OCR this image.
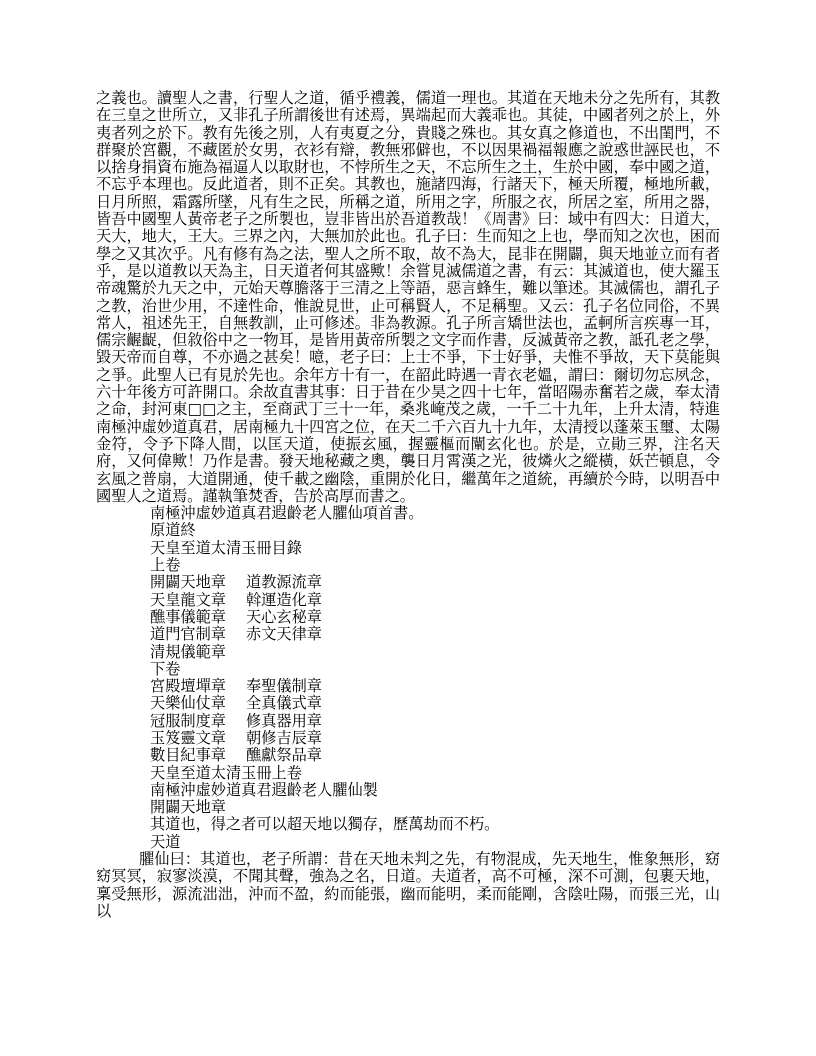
之義也。讀聖人之書，行聖人之道，循乎禮義，儒道一理也。其道在天地未分之先所有，其教在三皇之世所立，又非孔子所謂後世有述焉，異端起而大義乖也。其徒，中國者列之於上，外夷者列之於下。教有先後之別，人有夷夏之分，貴賤之殊也。其女真之修道也，不出閨門，不群聚於宮觀，不藏匿於女男，衣衫有辯，教無邪僻也，不以因果禍福報應之說惑世誣民也，不以捨身捐資布施為福逼人以取財也，不悖所生之天，不忘所生之土，生於中國，奉中國之道，不忘乎本理也。反此道者，則不正矣。其教也，施諸四海，行諸天下，極天所覆，極地所載，日月所照，霜露所墜，凡有生之民，所稱之道，所用之字，所服之衣，所居之室，所用之器，皆吾中國聖人黃帝老子之所製也，豈非皆出於吾道教哉！《周書》曰：域中有四大：日道大，天大，地大，王大。三界之內，大無加於此也。孔子曰：生而知之上也，學而知之次也，困而學之又其次乎。凡有修有為之法，聖人之所不取，故不為大，昆非在開闢，與天地並立而有者乎，是以道教以天為主，日天道者何其盛歟！余嘗見滅儒道之書，有云：其滅道也，使大羅玉帝魂驚於九天之中，元始天尊膽落于三清之上等語，惡言蜂生，難以筆述。其滅儒也，謂孔子之教，治世少用，不達性命，惟說見世，止可稱賢人，不足稱聖。又云：孔子名位同俗，不異常人，祖述先王，自無教訓，止可修述。非為教源。孔子所言矯世法也，孟軻所言疾專一耳，儒宗齷齪，但敘俗中之一物耳，是皆用黃帝所製之文字而作書，反滅黃帝之教，詆孔老之學，毀天帝而自尊，不亦過之甚矣！噫，老子曰：上士不爭，下士好爭，夫惟不爭故，天下莫能與之爭。此聖人已有見於先也。余年方十有一，在韶此時遇一青衣老媼，謂曰：爾切勿忘夙念，六十年後方可許開口。余故直書其事：日于昔在少昊之四十七年，當昭陽赤奮若之歲，奉太清之命，封河東□□之主，至商武丁三十一年，桑兆崦茂之歲，一千二十九年，上升太清，特進南極沖虛妙道真君，居南極九十四宮之位，在天二千六百九十九年，太清授以蓬萊玉璽、太陽金符，令予下降人間，以匡天道，使振玄風，握靈樞而闡玄化也。於是，立勛三界，注名天府，又何偉歟！乃作是書。發天地秘藏之奧，襲日月霄漢之光，彼燐火之縱橫，妖芒頓息，令玄風之普扇，大道開通，使千載之幽陰，重開於化日，繼萬年之道統，再續於今時，以明吾中國聖人之道焉。謹執筆焚香，告於高厚而書之。

南極沖虛妙道真君遐齡老人臞仙項首書。
原道終
天皇至道太清玉冊目錄
上卷
開闢天地章 道教源流章
天皇龍文章 斡運造化章
醮事儀範章 天心玄秘章
道門官制章 赤文天律章
清規儀範章
下卷
宮殿壇墠章 奉聖儀制章
天樂仙仗章 全真儀式章
冠服制度章 修真器用章
玉笈靈文章 朝修吉辰章
數目紀事章 醮獻祭品章
天皇至道太清玉冊上卷
南極沖虛妙道真君遐齡老人臞仙製
開闢天地章
其道也，得之者可以超天地以獨存，歷萬劫而不朽。
天道

臞仙曰：其道也，老子所謂：昔在天地未判之先，有物混成，先天地生，惟象無形，窈窈冥冥，寂寥淡漠，不聞其聲，強為之名，日道。夫道者，高不可極，深不可測，包裹天地，稟受無形，源流泏泏，沖而不盈，約而能張，幽而能明，柔而能剛，含陰吐陽，而張三光，山以
